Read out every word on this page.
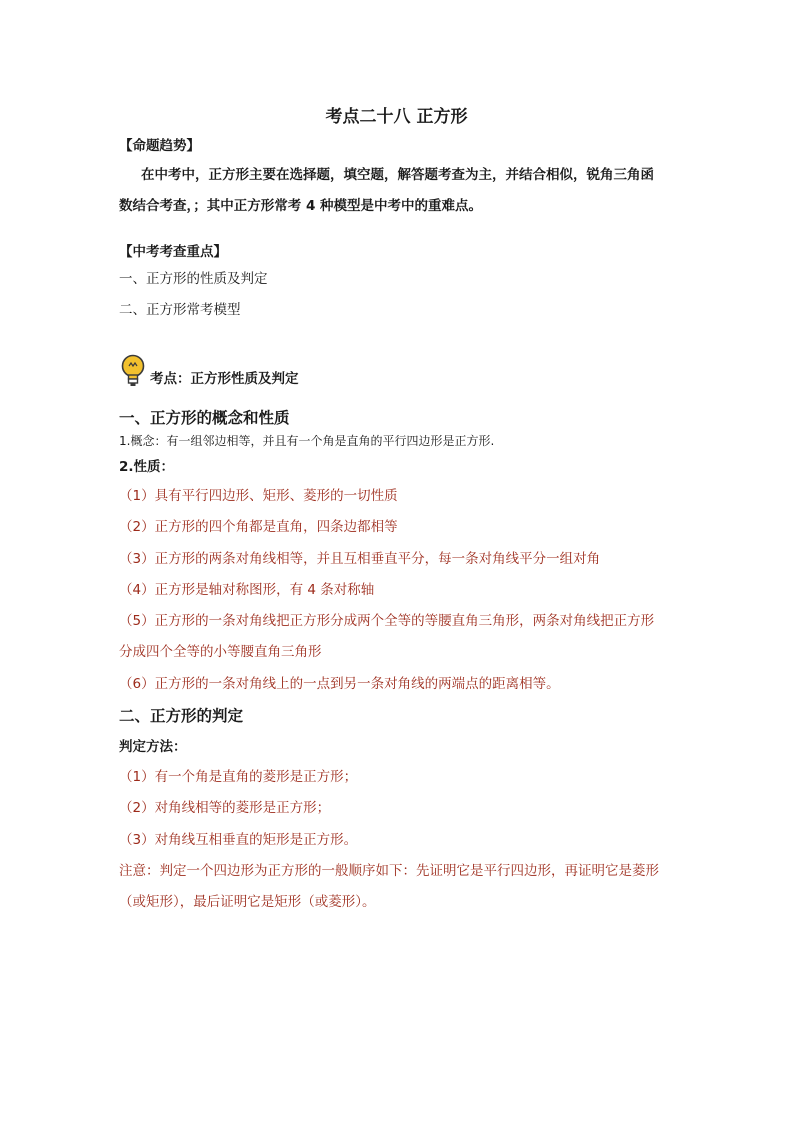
考点二十八 正方形
【命题趋势】
在中考中，正方形主要在选择题，填空题，解答题考查为主，并结合相似，锐角三角函
数结合考查，；其中正方形常考 4 种模型是中考中的重难点。
【中考考查重点】
一、正方形的性质及判定
二、正方形常考模型
考点：正方形性质及判定
一、正方形的概念和性质
1.概念：有一组邻边相等，并且有一个角是直角的平行四边形是正方形.
2.性质：
（1）具有平行四边形、矩形、菱形的一切性质
（2）正方形的四个角都是直角，四条边都相等
（3）正方形的两条对角线相等，并且互相垂直平分，每一条对角线平分一组对角
（4）正方形是轴对称图形，有 4 条对称轴
（5）正方形的一条对角线把正方形分成两个全等的等腰直角三角形，两条对角线把正方形
分成四个全等的小等腰直角三角形
（6）正方形的一条对角线上的一点到另一条对角线的两端点的距离相等。
二、正方形的判定
判定方法：
（1）有一个角是直角的菱形是正方形；
（2）对角线相等的菱形是正方形；
（3）对角线互相垂直的矩形是正方形。
注意：判定一个四边形为正方形的一般顺序如下：先证明它是平行四边形，再证明它是菱形
（或矩形），最后证明它是矩形（或菱形）。
